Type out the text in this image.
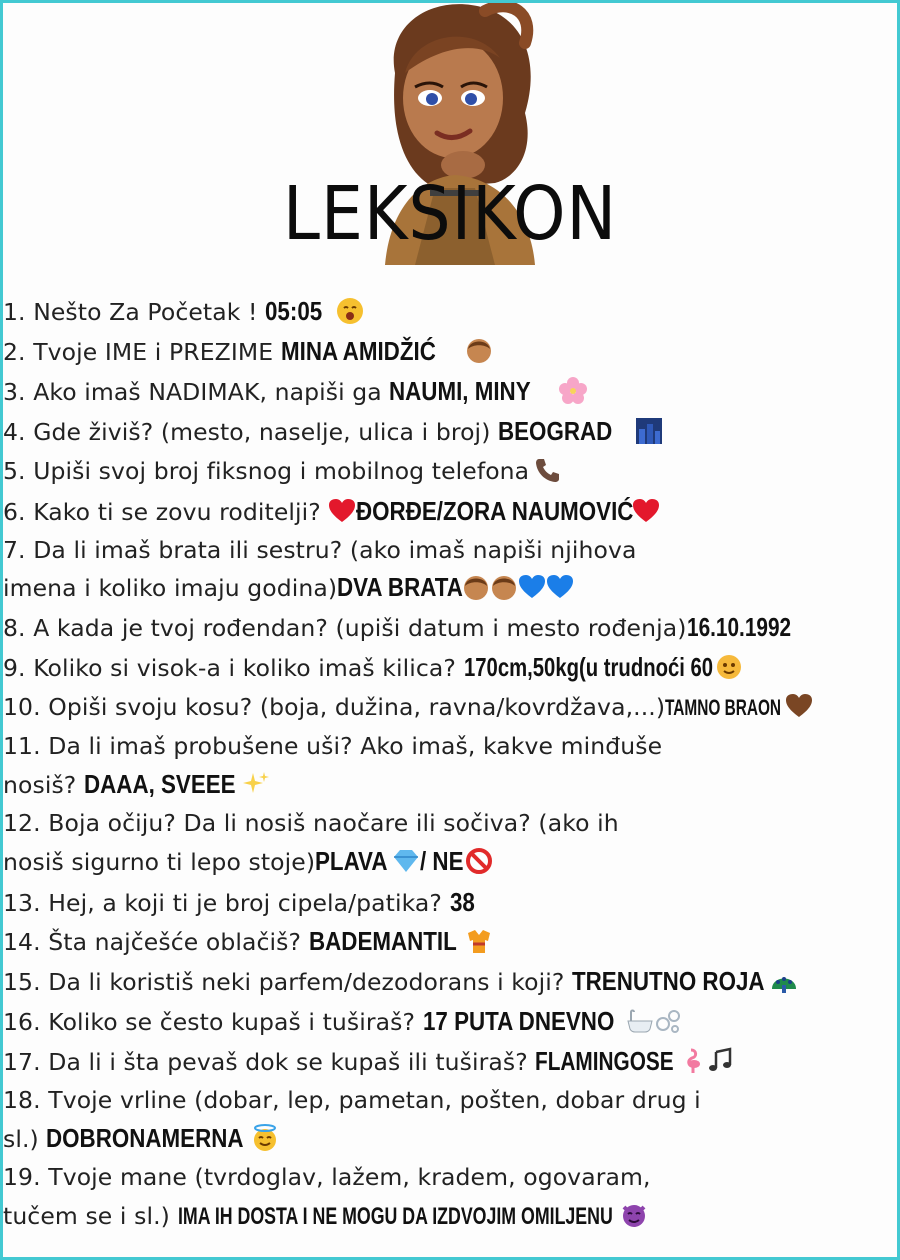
LEKSIKON
1. Nešto Za Početak ! 05:05
2. Tvoje IME i PREZIME MINA AMIDŽIĆ
3. Ako imaš NADIMAK, napiši ga NAUMI, MINY
4. Gde živiš? (mesto, naselje, ulica i broj) BEOGRAD
5. Upiši svoj broj fiksnog i mobilnog telefona
6. Kako ti se zovu roditelji?
ĐORĐE/ZORA NAUMOVIĆ
7. Da li imaš brata ili sestru? (ako imaš napiši njihova
imena i koliko imaju godina)DVA BRATA
8. A kada je tvoj rođendan? (upiši datum i mesto rođenja)16.10.1992
9. Koliko si visok-a i koliko imaš kilica? 170cm,50kg(u trudnoći 60
10. Opiši svoju kosu? (boja, dužina, ravna/kovrdžava,...)TAMNO BRAON
11. Da li imaš probušene uši? Ako imaš, kakve minđuše
nosiš? DAAA, SVEEE
12. Boja očiju? Da li nosiš naočare ili sočiva? (ako ih
nosiš sigurno ti lepo stoje)PLAVA
/ NE
13. Hej, a koji ti je broj cipela/patika? 38
14. Šta najčešće oblačiš? BADEMANTIL
15. Da li koristiš neki parfem/dezodorans i koji? TRENUTNO ROJA
16. Koliko se često kupaš i tuširaš? 17 PUTA DNEVNO
17. Da li i šta pevaš dok se kupaš ili tuširaš? FLAMINGOSE
18. Tvoje vrline (dobar, lep, pametan, pošten, dobar drug i
sl.) DOBRONAMERNA
19. Tvoje mane (tvrdoglav, lažem, kradem, ogovaram,
tučem se i sl.) IMA IH DOSTA I NE MOGU DA IZDVOJIM OMILJENU
